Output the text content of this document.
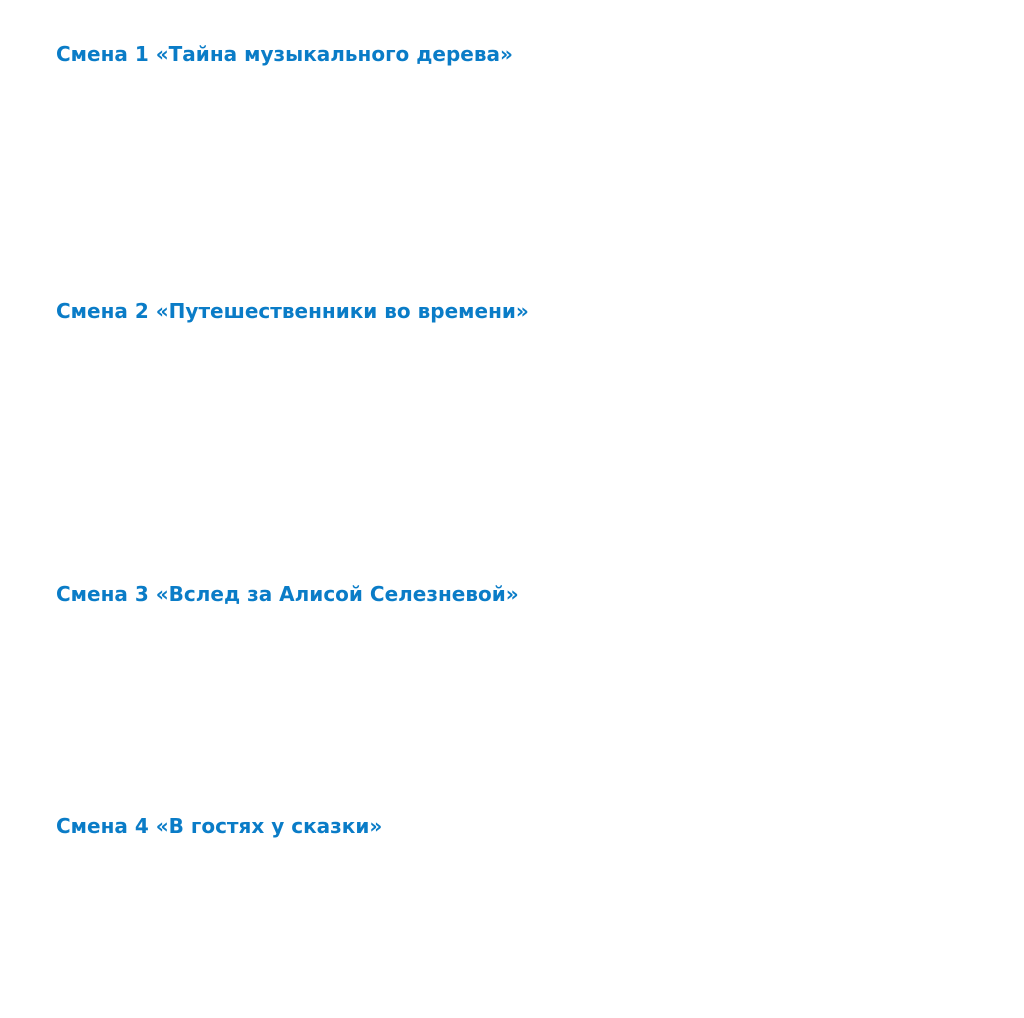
Смена 1 «Тайна музыкального дерева»
Смена 2 «Путешественники во времени»
Смена 3 «Вслед за Алисой Селезневой»
Смена 4 «В гостях у сказки»
